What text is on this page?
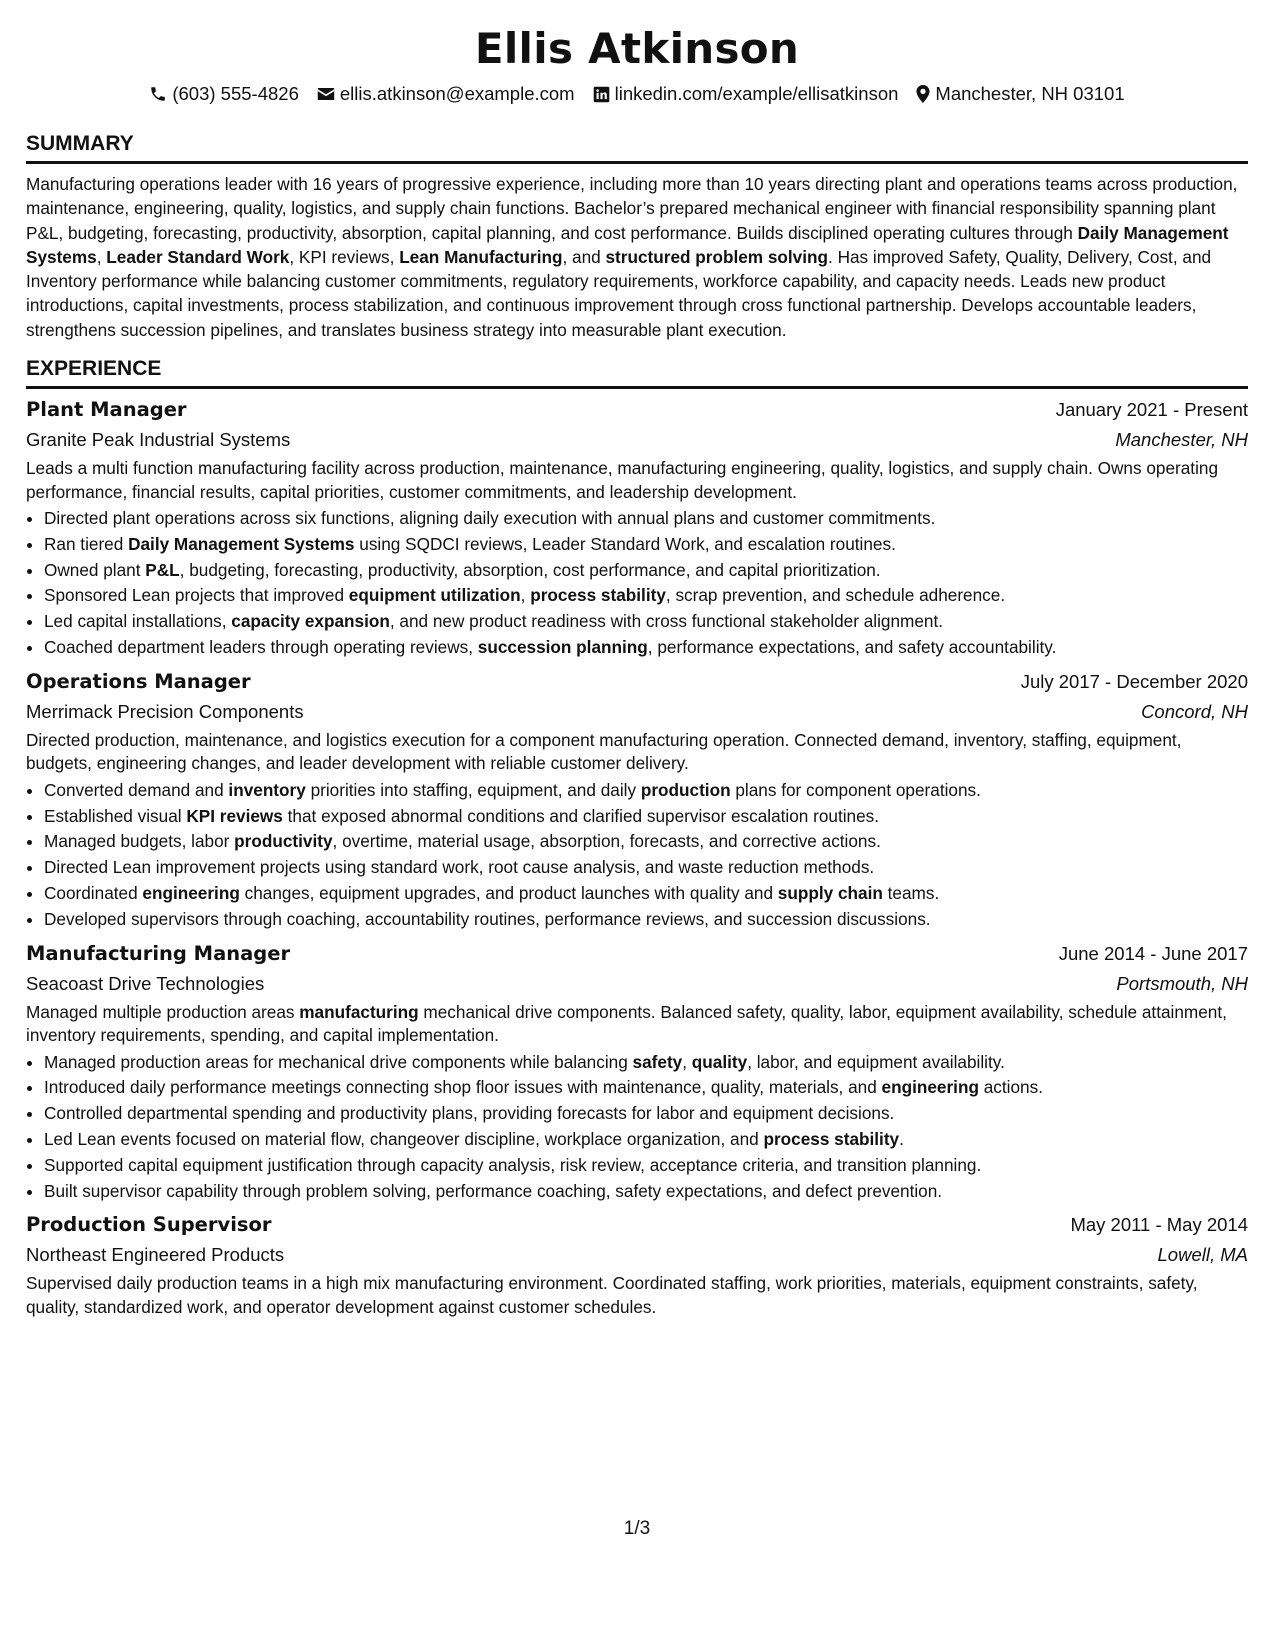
Ellis Atkinson
(603) 555-4826 ellis.atkinson@example.com linkedin.com/example/ellisatkinson Manchester, NH 03101
SUMMARY

Manufacturing operations leader with 16 years of progressive experience, including more than 10 years directing plant and operations teams across production, maintenance, engineering, quality, logistics, and supply chain functions. Bachelor’s prepared mechanical engineer with financial responsibility spanning plant P&L, budgeting, forecasting, productivity, absorption, capital planning, and cost performance. Builds disciplined operating cultures through Daily Management Systems, Leader Standard Work, KPI reviews, Lean Manufacturing, and structured problem solving. Has improved Safety, Quality, Delivery, Cost, and Inventory performance while balancing customer commitments, regulatory requirements, workforce capability, and capacity needs. Leads new product introductions, capital investments, process stabilization, and continuous improvement through cross functional partnership. Develops accountable leaders, strengthens succession pipelines, and translates business strategy into measurable plant execution.

EXPERIENCE
Plant Manager	January 2021 - Present
Granite Peak Industrial Systems	Manchester, NH

Leads a multi function manufacturing facility across production, maintenance, manufacturing engineering, quality, logistics, and supply chain. Owns operating performance, financial results, capital priorities, customer commitments, and leadership development.

• Directed plant operations across six functions, aligning daily execution with annual plans and customer commitments.
• Ran tiered Daily Management Systems using SQDCI reviews, Leader Standard Work, and escalation routines.
• Owned plant P&L, budgeting, forecasting, productivity, absorption, cost performance, and capital prioritization.
• Sponsored Lean projects that improved equipment utilization, process stability, scrap prevention, and schedule adherence.
• Led capital installations, capacity expansion, and new product readiness with cross functional stakeholder alignment.
• Coached department leaders through operating reviews, succession planning, performance expectations, and safety accountability.
Operations Manager	July 2017 - December 2020
Merrimack Precision Components	Concord, NH

Directed production, maintenance, and logistics execution for a component manufacturing operation. Connected demand, inventory, staffing, equipment, budgets, engineering changes, and leader development with reliable customer delivery.

• Converted demand and inventory priorities into staffing, equipment, and daily production plans for component operations.
• Established visual KPI reviews that exposed abnormal conditions and clarified supervisor escalation routines.
• Managed budgets, labor productivity, overtime, material usage, absorption, forecasts, and corrective actions.
• Directed Lean improvement projects using standard work, root cause analysis, and waste reduction methods.
• Coordinated engineering changes, equipment upgrades, and product launches with quality and supply chain teams.
• Developed supervisors through coaching, accountability routines, performance reviews, and succession discussions.
Manufacturing Manager	June 2014 - June 2017
Seacoast Drive Technologies	Portsmouth, NH

Managed multiple production areas manufacturing mechanical drive components. Balanced safety, quality, labor, equipment availability, schedule attainment, inventory requirements, spending, and capital implementation.

• Managed production areas for mechanical drive components while balancing safety, quality, labor, and equipment availability.
• Introduced daily performance meetings connecting shop floor issues with maintenance, quality, materials, and engineering actions.
• Controlled departmental spending and productivity plans, providing forecasts for labor and equipment decisions.
• Led Lean events focused on material flow, changeover discipline, workplace organization, and process stability.
• Supported capital equipment justification through capacity analysis, risk review, acceptance criteria, and transition planning.
• Built supervisor capability through problem solving, performance coaching, safety expectations, and defect prevention.
Production Supervisor	May 2011 - May 2014
Northeast Engineered Products	Lowell, MA

Supervised daily production teams in a high mix manufacturing environment. Coordinated staffing, work priorities, materials, equipment constraints, safety, quality, standardized work, and operator development against customer schedules.

1/3
